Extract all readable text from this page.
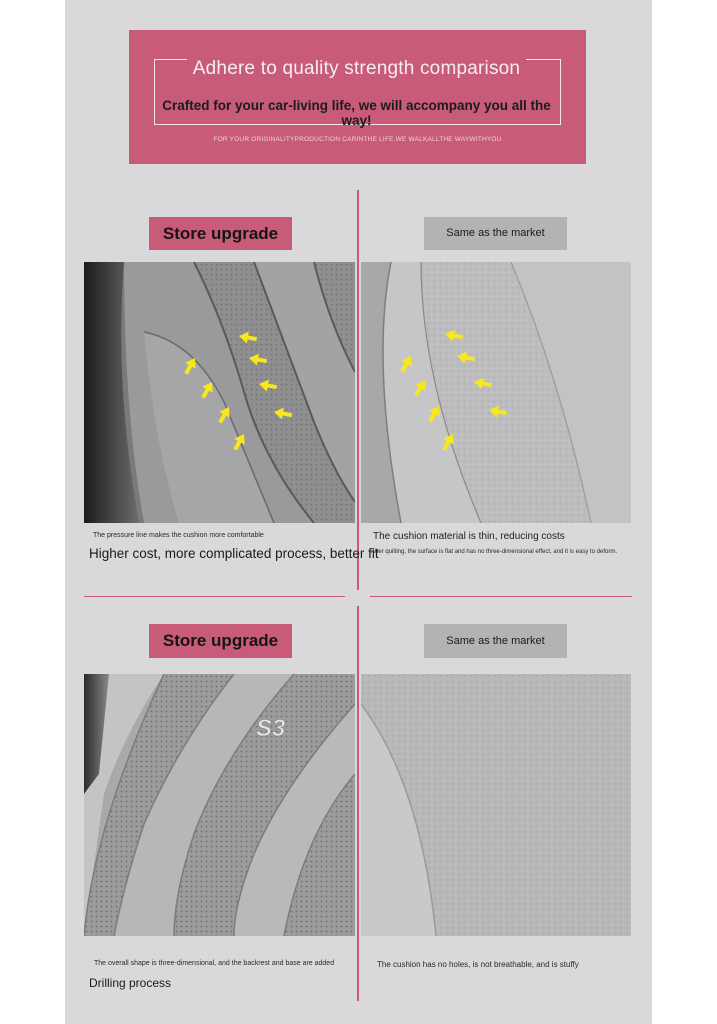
Adhere to quality strength comparison
Crafted for your car-living life, we will accompany you all the way!
FOR YOUR ORIGINALITYPRODUCTION CARINTHE LIFE,WE WALKALLTHE WAYWITHYOU
Store upgrade	Same as the market
The pressure line makes the cushion more comfortable
Higher cost, more complicated process, better fit
The cushion material is thin, reducing costs
After quilting, the surface is flat and has no three-dimensional effect, and it is easy to deform.
Store upgrade	Same as the market
S3
The overall shape is three-dimensional, and the backrest and base are added
Drilling process
The cushion has no holes, is not breathable, and is stuffy
